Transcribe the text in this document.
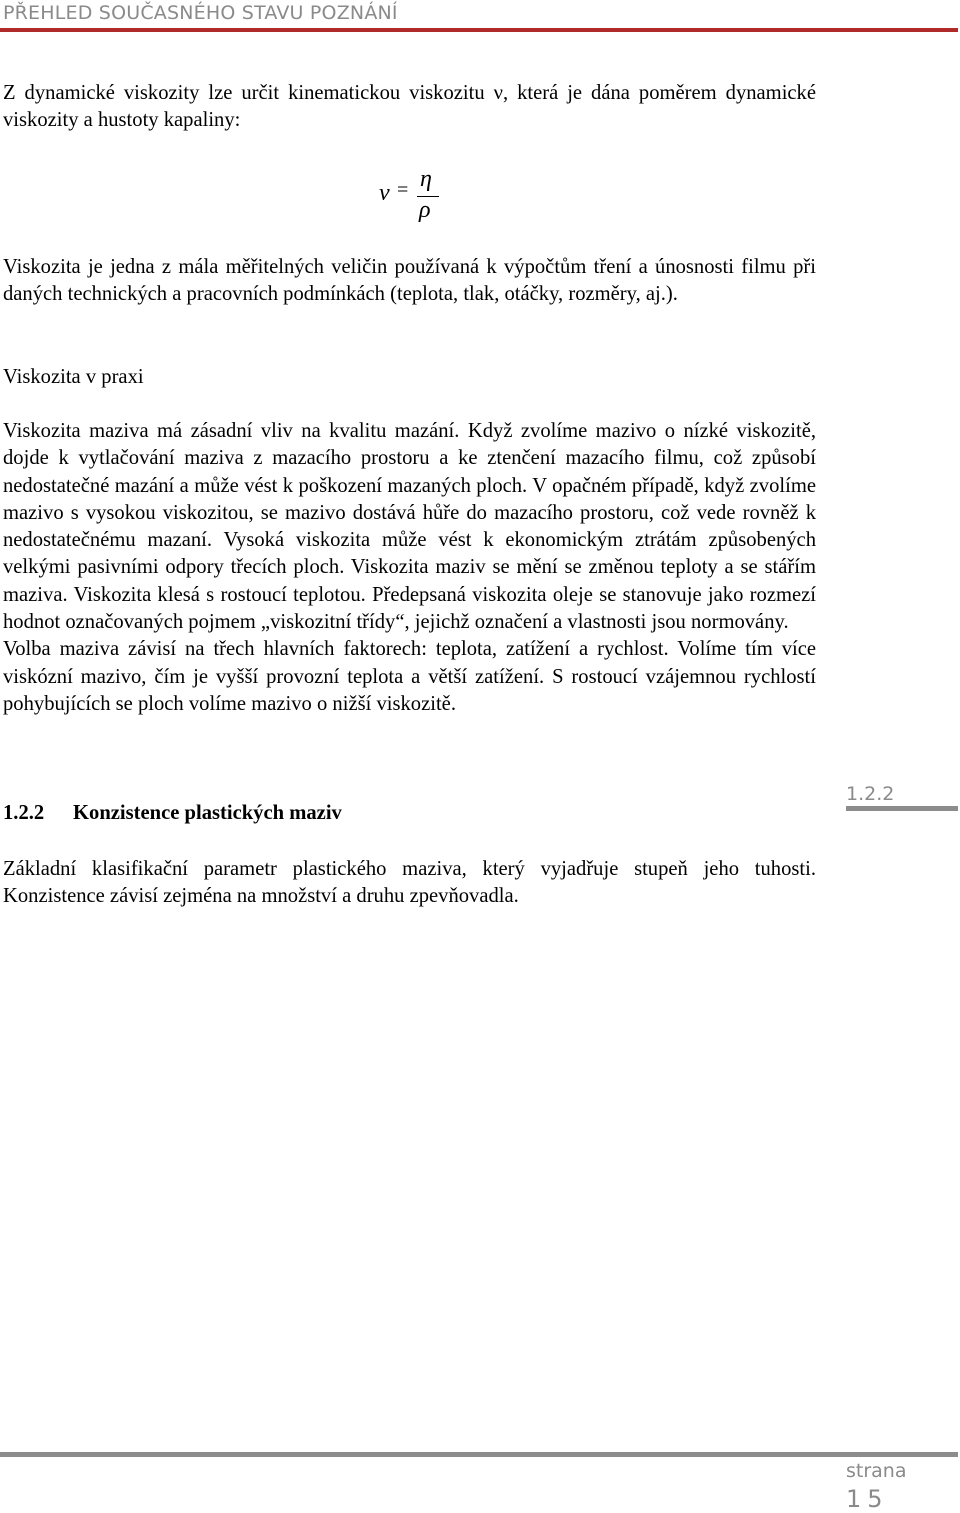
PŘEHLED SOUČASNÉHO STAVU POZNÁNÍ

Z dynamické viskozity lze určit kinematickou viskozitu ν, která je dána poměrem dynamické viskozity a hustoty kapaliny:

ν = η
ρ

Viskozita je jedna z mála měřitelných veličin používaná k výpočtům tření a únosnosti filmu při daných technických a pracovních podmínkách (teplota, tlak, otáčky, rozměry, aj.).

Viskozita v praxi

Viskozita maziva má zásadní vliv na kvalitu mazání. Když zvolíme mazivo o nízké viskozitě, dojde k vytlačování maziva z mazacího prostoru a ke ztenčení mazacího filmu, což způsobí nedostatečné mazání a může vést k poškození mazaných ploch. V opačném případě, když zvolíme mazivo s vysokou viskozitou, se mazivo dostává hůře do mazacího prostoru, což vede rovněž k nedostatečnému mazaní. Vysoká viskozita může vést k ekonomickým ztrátám způsobených velkými pasivními odpory třecích ploch. Viskozita maziv se mění se změnou teploty a se stářím maziva. Viskozita klesá s rostoucí teplotou. Předepsaná viskozita oleje se stanovuje jako rozmezí hodnot označovaných pojmem „viskozitní třídy“, jejichž označení a vlastnosti jsou normovány.

Volba maziva závisí na třech hlavních faktorech: teplota, zatížení a rychlost. Volíme tím více viskózní mazivo, čím je vyšší provozní teplota a větší zatížení. S rostoucí vzájemnou rychlostí pohybujících se ploch volíme mazivo o nižší viskozitě.

1.2.2 Konzistence plastických maziv
1.2.2

Základní klasifikační parametr plastického maziva, který vyjadřuje stupeň jeho tuhosti. Konzistence závisí zejména na množství a druhu zpevňovadla.

strana
15
